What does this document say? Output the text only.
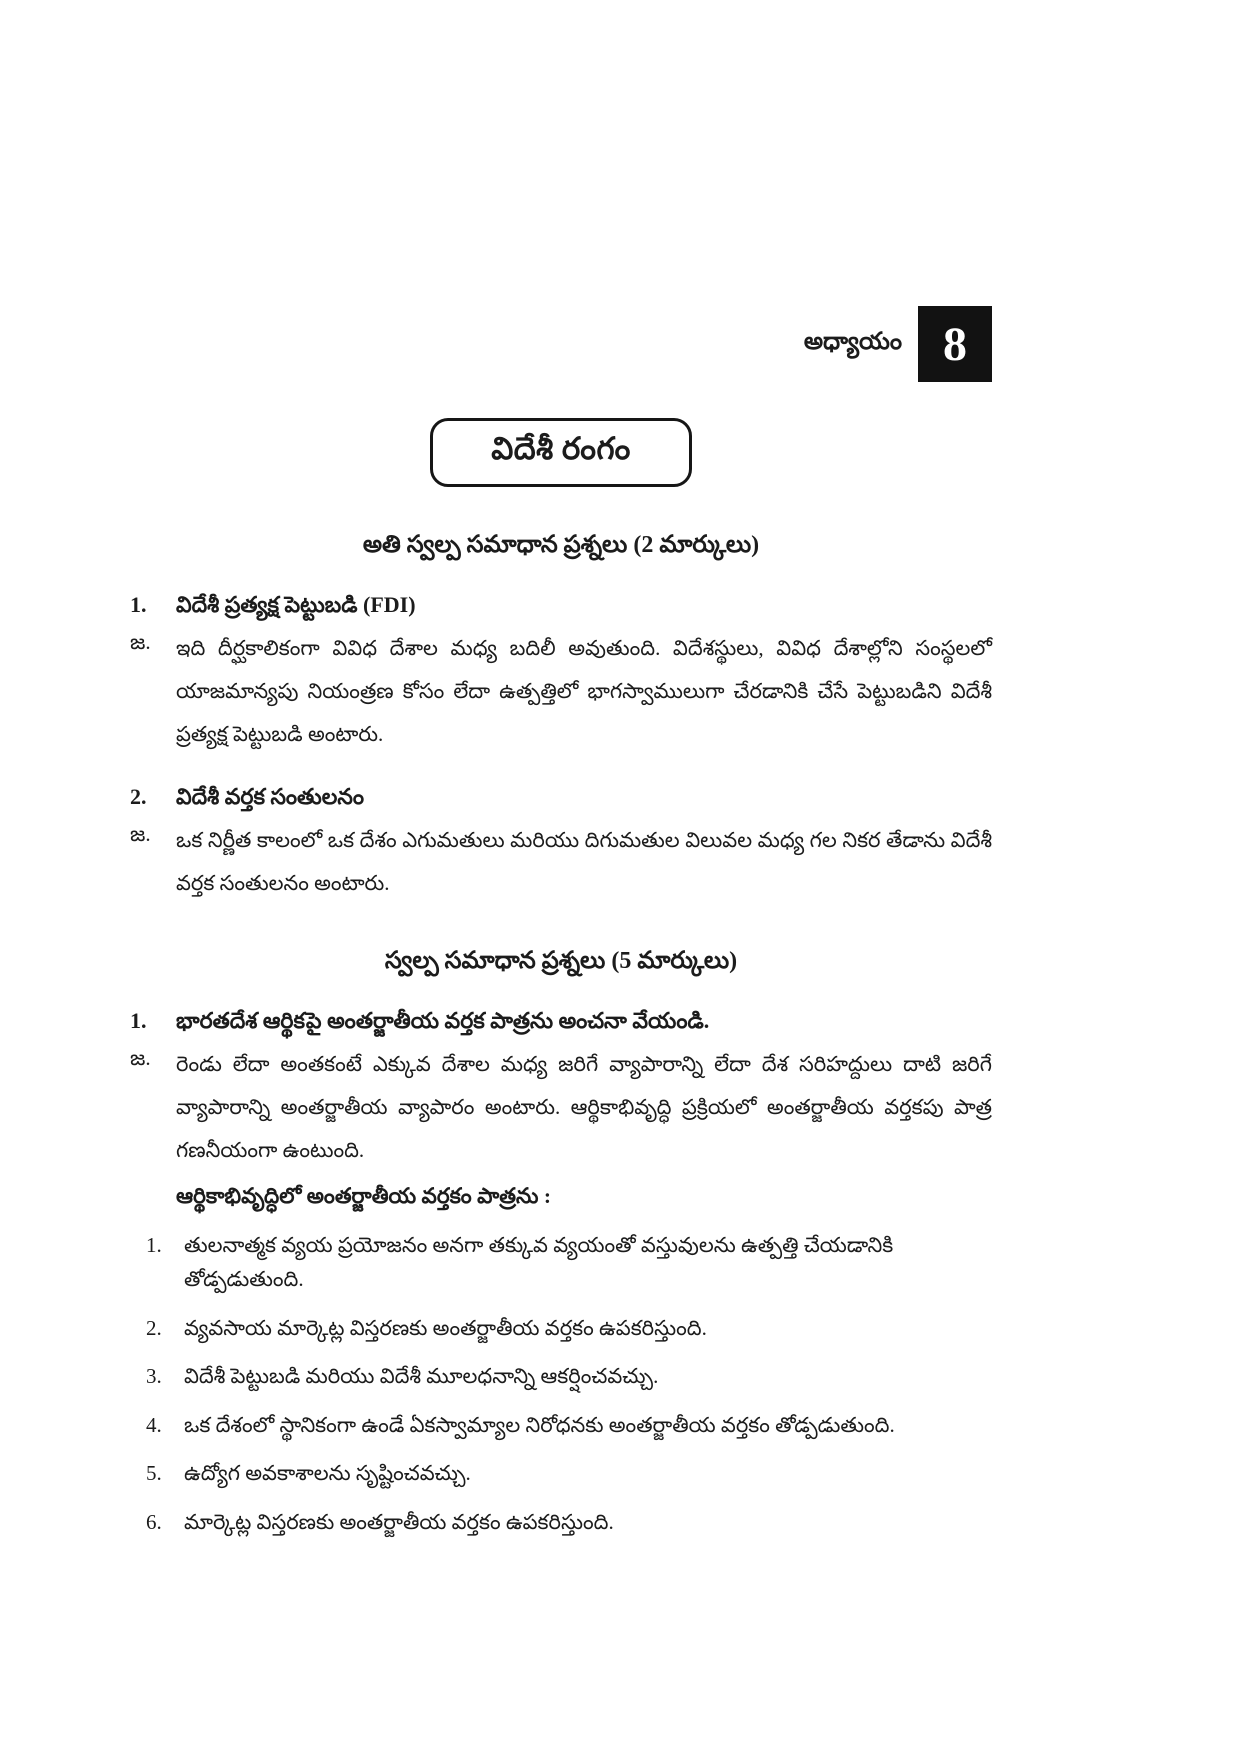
అధ్యాయం 8
విదేశీ రంగం
అతి స్వల్ప సమాధాన ప్రశ్నలు (2 మార్కులు)
1.	విదేశీ ప్రత్యక్ష పెట్టుబడి (FDI)
జ.	ఇది దీర్ఘకాలికంగా వివిధ దేశాల మధ్య బదిలీ అవుతుంది. విదేశస్థులు, వివిధ దేశాల్లోని సంస్థలలో యాజమాన్యపు నియంత్రణ కోసం లేదా ఉత్పత్తిలో భాగస్వాములుగా చేరడానికి చేసే పెట్టుబడిని విదేశీ ప్రత్యక్ష పెట్టుబడి అంటారు.
2.	విదేశీ వర్తక సంతులనం
జ.	ఒక నిర్ణీత కాలంలో ఒక దేశం ఎగుమతులు మరియు దిగుమతుల విలువల మధ్య గల నికర తేడాను విదేశీ వర్తక సంతులనం అంటారు.
స్వల్ప సమాధాన ప్రశ్నలు (5 మార్కులు)
1.	భారతదేశ ఆర్థికపై అంతర్జాతీయ వర్తక పాత్రను అంచనా వేయండి.
జ.	రెండు లేదా అంతకంటే ఎక్కువ దేశాల మధ్య జరిగే వ్యాపారాన్ని లేదా దేశ సరిహద్దులు దాటి జరిగే వ్యాపారాన్ని అంతర్జాతీయ వ్యాపారం అంటారు. ఆర్థికాభివృద్ధి ప్రక్రియలో అంతర్జాతీయ వర్తకపు పాత్ర గణనీయంగా ఉంటుంది.
ఆర్థికాభివృద్ధిలో అంతర్జాతీయ వర్తకం పాత్రను :
1.	తులనాత్మక వ్యయ ప్రయోజనం అనగా తక్కువ వ్యయంతో వస్తువులను ఉత్పత్తి చేయడానికి తోడ్పడుతుంది.
2.	వ్యవసాయ మార్కెట్ల విస్తరణకు అంతర్జాతీయ వర్తకం ఉపకరిస్తుంది.
3.	విదేశీ పెట్టుబడి మరియు విదేశీ మూలధనాన్ని ఆకర్షించవచ్చు.
4.	ఒక దేశంలో స్థానికంగా ఉండే ఏకస్వామ్యాల నిరోధనకు అంతర్జాతీయ వర్తకం తోడ్పడుతుంది.
5.	ఉద్యోగ అవకాశాలను సృష్టించవచ్చు.
6.	మార్కెట్ల విస్తరణకు అంతర్జాతీయ వర్తకం ఉపకరిస్తుంది.
